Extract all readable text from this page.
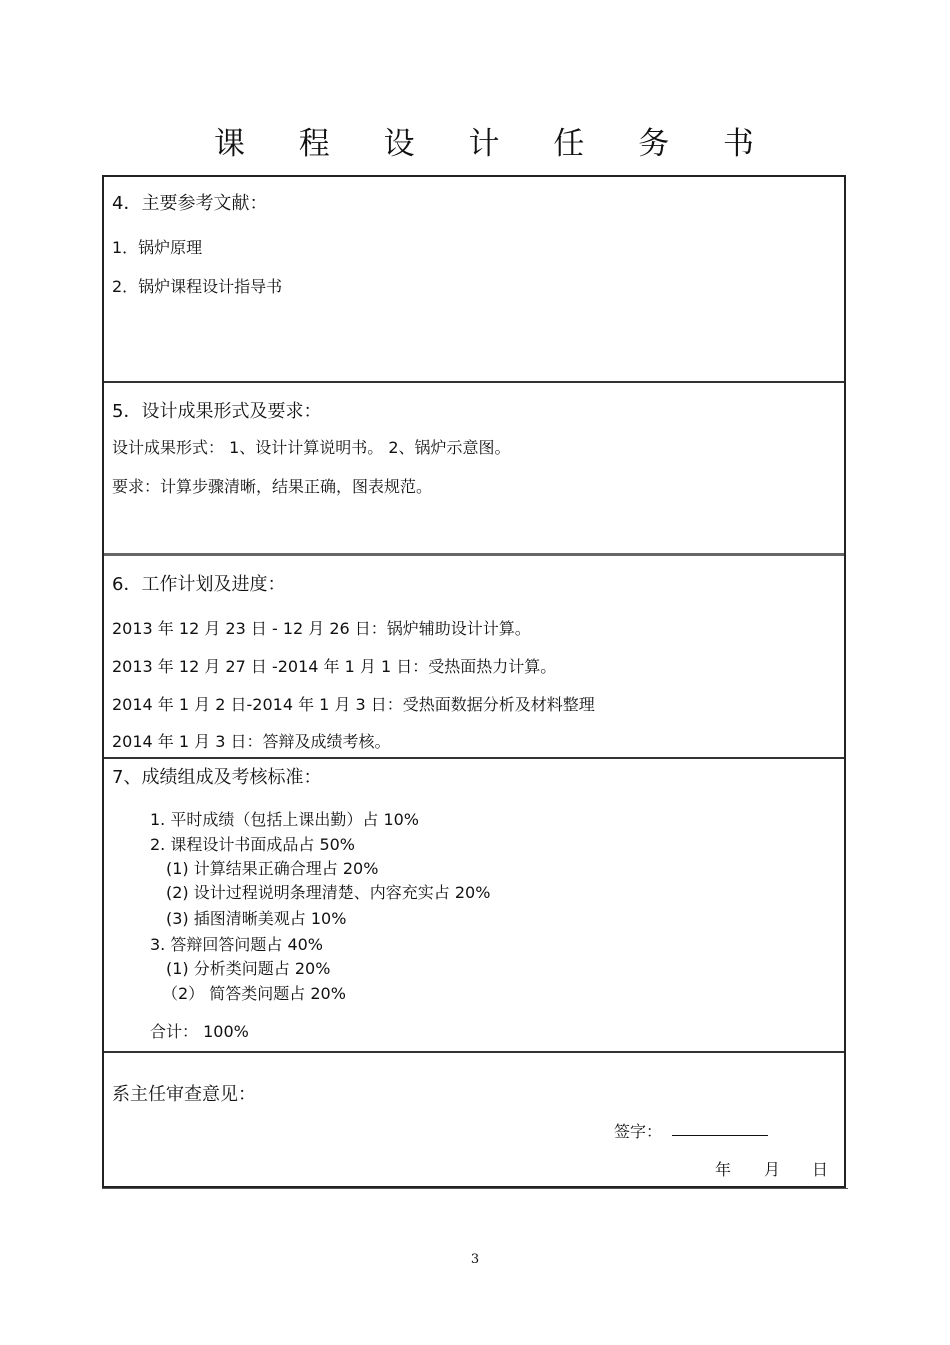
课 程 设 计 任 务 书
4．主要参考文献：
1．锅炉原理
2．锅炉课程设计指导书
5．设计成果形式及要求：
设计成果形式： 1、设计计算说明书。 2、锅炉示意图。
要求：计算步骤清晰，结果正确，图表规范。
6．工作计划及进度：
2013 年 12 月 23 日 - 12 月 26 日：锅炉辅助设计计算。
2013 年 12 月 27 日 -2014 年 1 月 1 日：受热面热力计算。
2014 年 1 月 2 日-2014 年 1 月 3 日：受热面数据分析及材料整理
2014 年 1 月 3 日：答辩及成绩考核。
7、成绩组成及考核标准：
1. 平时成绩（包括上课出勤）占 10%
2. 课程设计书面成品占 50%
(1) 计算结果正确合理占 20%
(2) 设计过程说明条理清楚、内容充实占 20%
(3) 插图清晰美观占 10%
3. 答辩回答问题占 40%
(1) 分析类问题占 20%
（2） 简答类问题占 20%
合计： 100%
系主任审查意见：
签字：
年 月 日
3
